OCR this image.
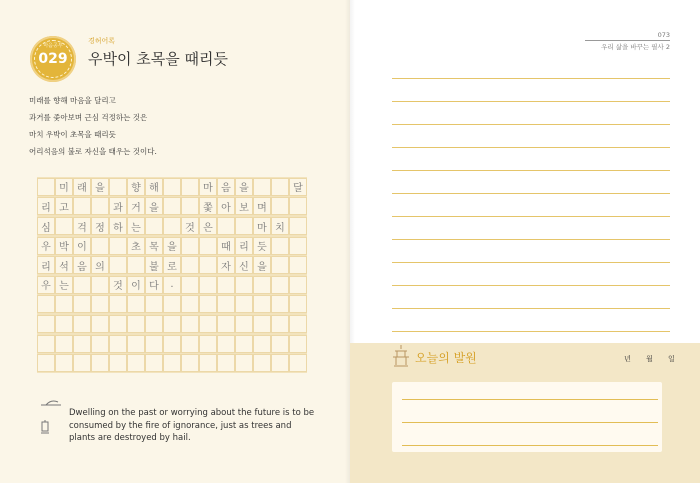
마음공부
029
경허어록
우박이 초목을 때리듯
미래를 향해 마음을 달리고
과거를 좇아보며 근심 걱정하는 것은
마치 우박이 초목을 때리듯
어리석음의 불로 자신을 태우는 것이다.
미 래 을	향 해	마 음 을	달
리 고	과 거 을	쫓 아 보 며
심	걱 정 하 는	것 은	마 치
우 박 이	초 목 을	때 리 듯
리 석 음 의	불 로	자 신 을
우 는	것 이 다	.
Dwelling on the past or worrying about the future is to be consumed by the fire of ignorance, just as trees and plants are destroyed by hail.
073
우리 삶을 바꾸는 필사 2
오늘의 발원	년 월 일
